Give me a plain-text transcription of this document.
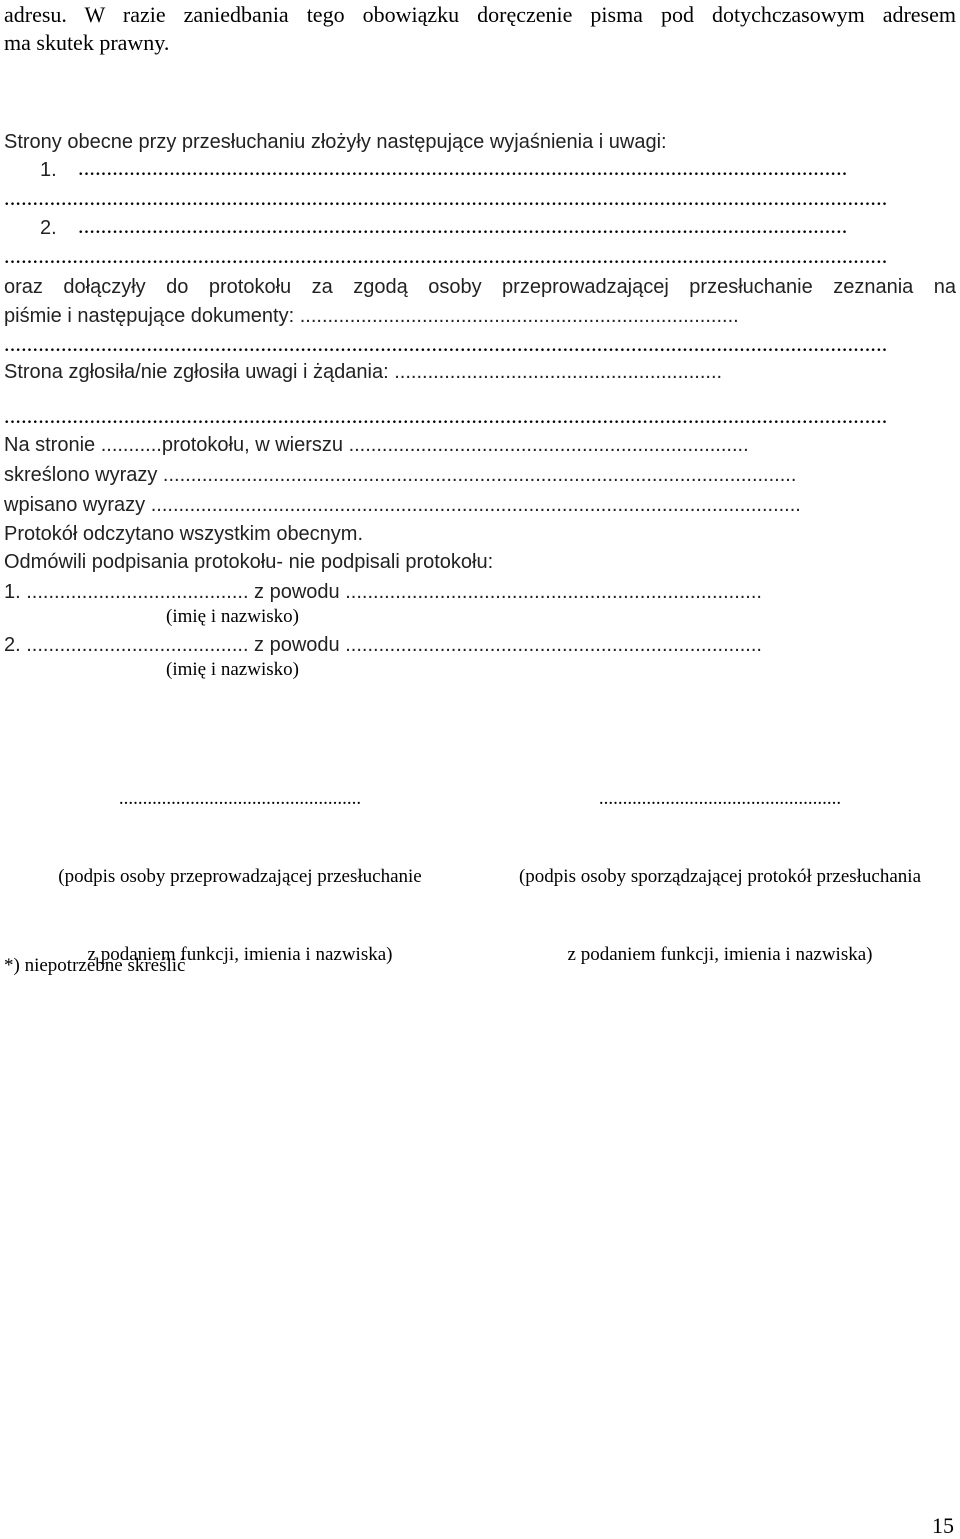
adresu. W razie zaniedbania tego obowiązku doręczenie pisma pod dotychczasowym adresem
ma skutek prawny.
Strony obecne przy przesłuchaniu złożyły następujące wyjaśnienia i uwagi:
1. .......................................................................................................................................
...........................................................................................................................................................
2. .......................................................................................................................................
...........................................................................................................................................................
oraz dołączyły do protokołu za zgodą osoby przeprowadzającej przesłuchanie zeznania na
piśmie i następujące dokumenty: ...............................................................................
...........................................................................................................................................................
Strona zgłosiła/nie zgłosiła uwagi i żądania: ...........................................................
...........................................................................................................................................................
Na stronie ...........protokołu, w wierszu ........................................................................
skreślono wyrazy ..................................................................................................................
wpisano wyrazy .....................................................................................................................
Protokół odczytano wszystkim obecnym.
Odmówili podpisania protokołu- nie podpisali protokołu:
1. ........................................ z powodu ...........................................................................
(imię i nazwisko)
2. ........................................ z powodu ...........................................................................
(imię i nazwisko)

...................................................

(podpis osoby przeprowadzającej przesłuchanie

z podaniem funkcji, imienia i nazwiska)

...................................................

(podpis osoby sporządzającej protokół przesłuchania

z podaniem funkcji, imienia i nazwiska)

*) niepotrzebne skreślić
15
